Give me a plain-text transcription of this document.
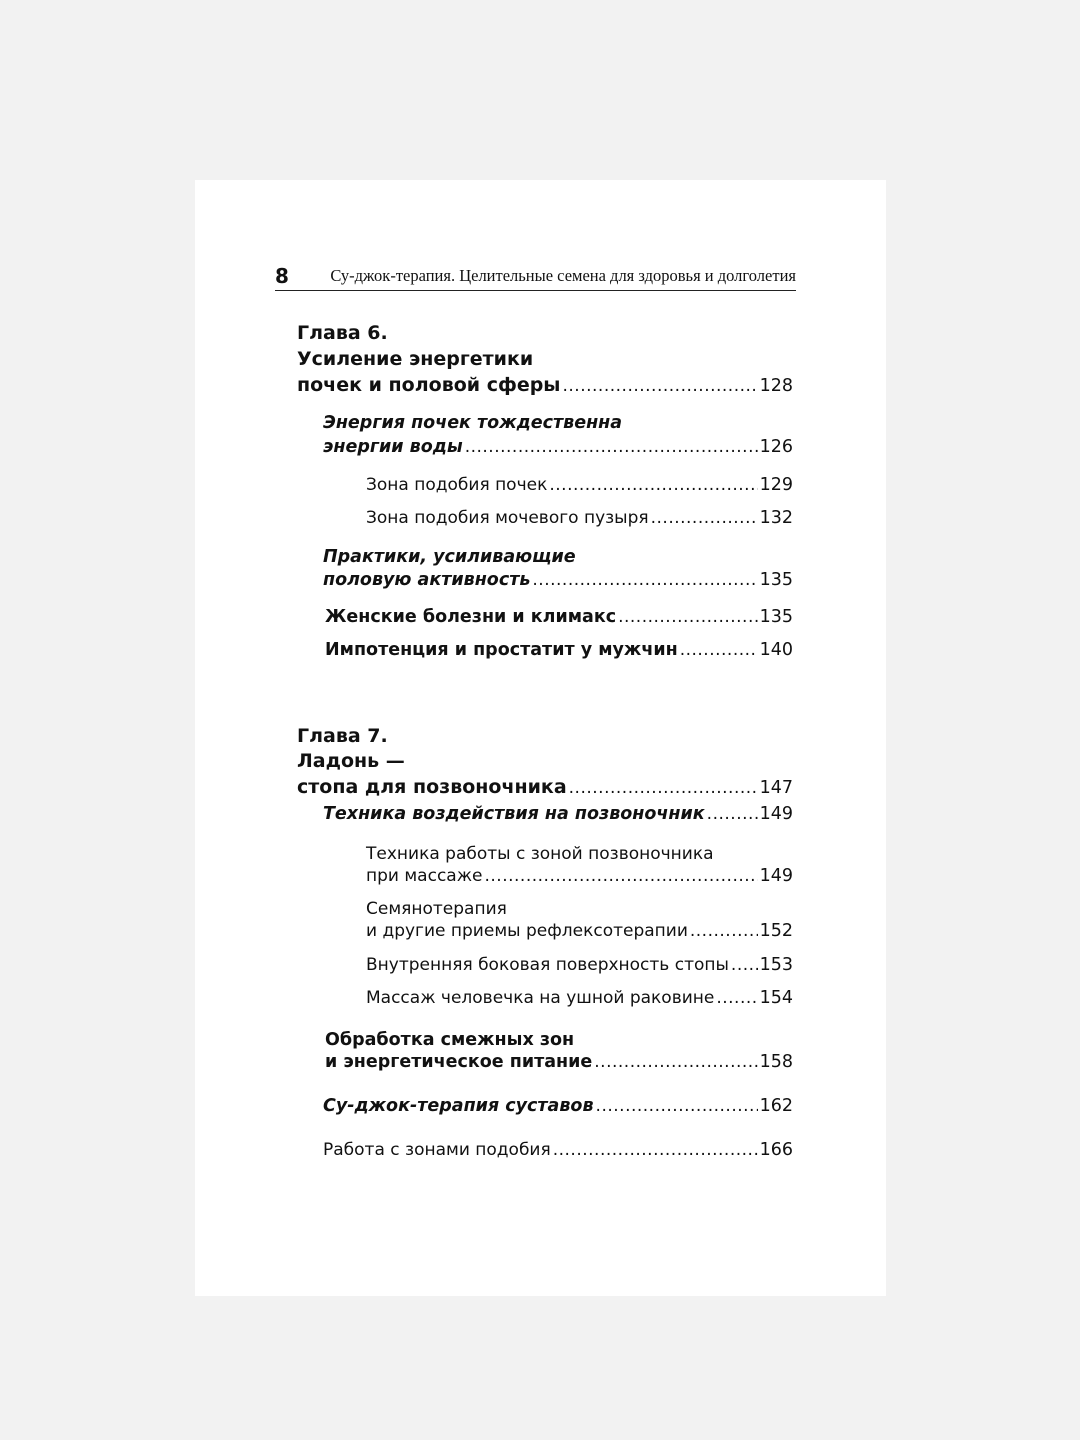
8	Су-джок-терапия. Целительные семена для здоровья и долголетия
Глава 6.
Усиление энергетики
почек и половой сферы .....	128
Энергия почек тождественна
энергии воды .....	126
Зона подобия почек .....	129
Зона подобия мочевого пузыря .....	132
Практики, усиливающие
половую активность .....	135
Женские болезни и климакс .....	135
Импотенция и простатит у мужчин .....	140
Глава 7.
Ладонь —
стопа для позвоночника .....	147
Техника воздействия на позвоночник .....	149
Техника работы с зоной позвоночника
при массаже .....	149
Семянотерапия
и другие приемы рефлексотерапии .....	152
Внутренняя боковая поверхность стопы ..... 153
Массаж человечка на ушной раковине .....	154
Обработка смежных зон
и энергетическое питание .....	158
Су-джок-терапия суставов .....	162
Работа с зонами подобия .....	166
